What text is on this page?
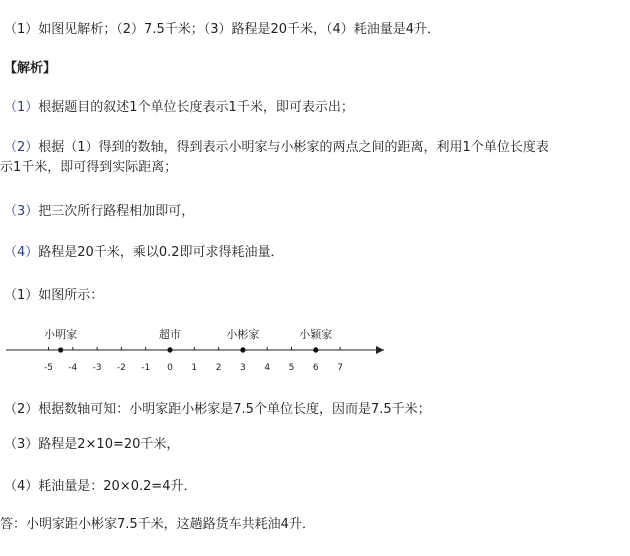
（1）如图见解析；（2）7.5千米；（3）路程是20千米，（4）耗油量是4升．
【解析】
（1）根据题目的叙述1个单位长度表示1千米，即可表示出；
（2）根据（1）得到的数轴，得到表示小明家与小彬家的两点之间的距离，利用1个单位长度表
示1千米，即可得到实际距离；
（3）把三次所行路程相加即可，
（4）路程是20千米，乘以0.2即可求得耗油量．
（1）如图所示：
-5 -4 -3 -2 -1 0 1 2 3 4 5 6 7
小明家	超市	小彬家	小颖家
（2）根据数轴可知：小明家距小彬家是7.5个单位长度，因而是7.5千米；
（3）路程是2×10=20千米，
（4）耗油量是：20×0.2=4升．
答：小明家距小彬家7.5千米，这趟路货车共耗油4升．
